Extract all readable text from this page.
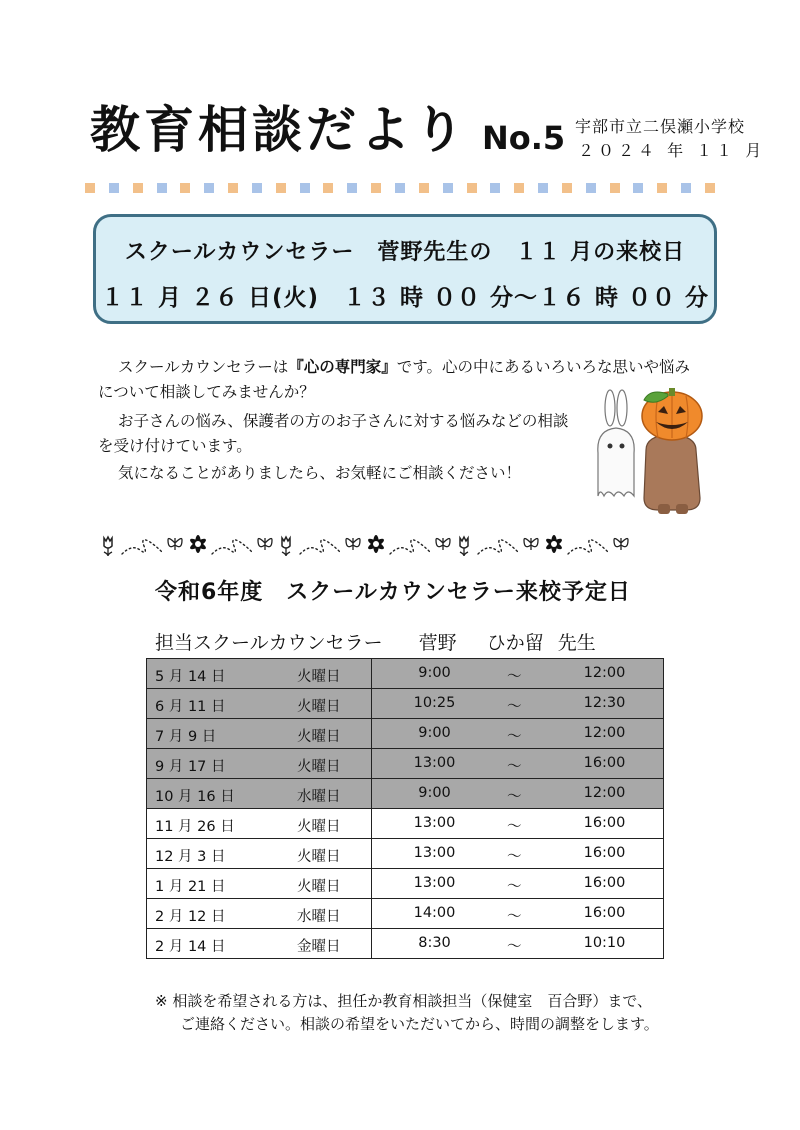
教育相談だより No.5 宇部市立二俣瀬小学校
２０２４ 年 １１ 月
スクールカウンセラー　菅野先生の　１１ 月の来校日
１１ 月 ２６ 日(火)　１３ 時 ００ 分～１６ 時 ００ 分
スクールカウンセラーは『心の専門家』です。心の中にあるいろいろな思いや悩み
について相談してみませんか？
お子さんの悩み、保護者の方のお子さんに対する悩みなどの相談
を受け付けています。
気になることがありましたら、お気軽にご相談ください！
令和6年度　スクールカウンセラー来校予定日
担当スクールカウンセラー 菅野 ひか留 先生
5 月 14 日 火曜日	9:00 ～ 12:00

6 月 11 日 火曜日	10:25 ～ 12:30

7 月 9 日 火曜日	9:00 ～ 12:00

9 月 17 日 火曜日	13:00 ～ 16:00

10 月 16 日 水曜日	9:00 ～ 12:00

11 月 26 日 火曜日	13:00 ～ 16:00

12 月 3 日 火曜日	13:00 ～ 16:00

1 月 21 日 火曜日	13:00 ～ 16:00

2 月 12 日 水曜日	14:00 ～ 16:00

2 月 14 日 金曜日	8:30 ～ 10:10
※ 相談を希望される方は、担任か教育相談担当（保健室　百合野）まで、
ご連絡ください。相談の希望をいただいてから、時間の調整をします。
